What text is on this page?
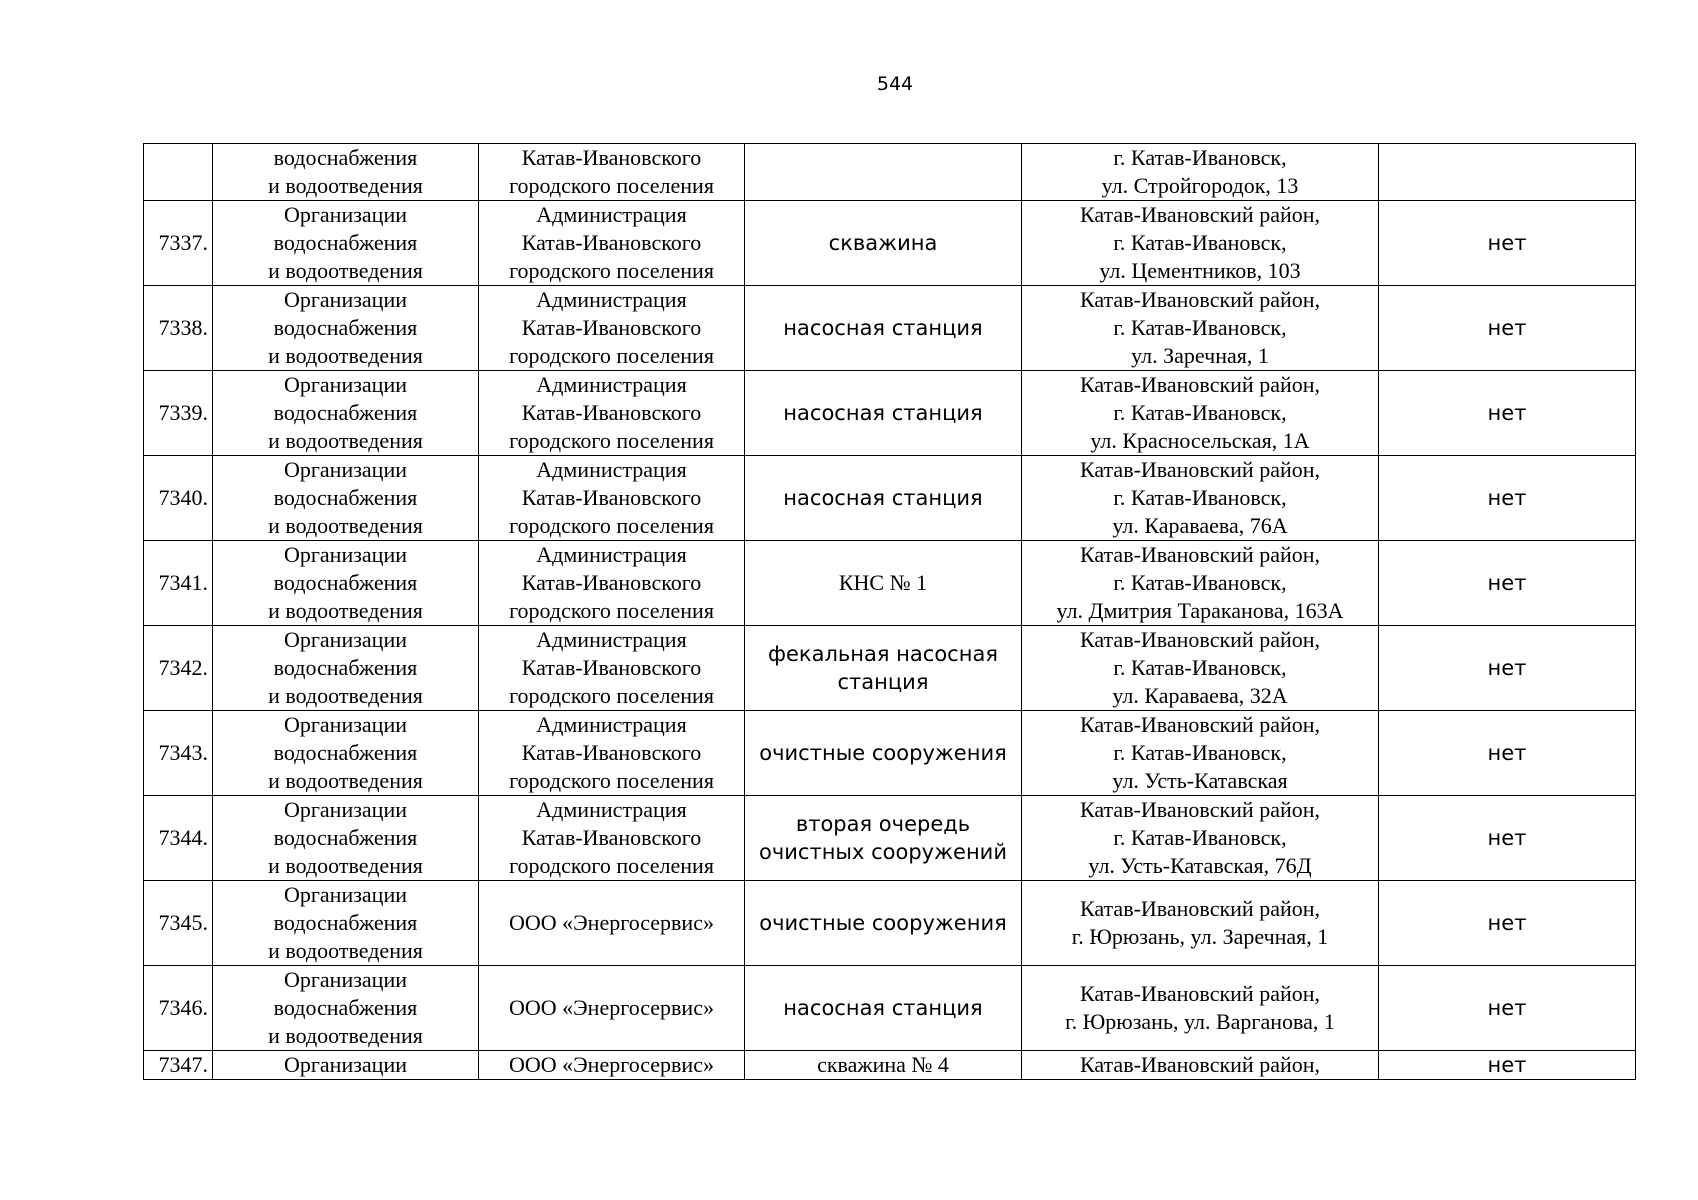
544
	водоснабжения
и водоотведения	Катав-Ивановского
городского поселения		г. Катав-Ивановск,
ул. Стройгородок, 13	
7337.	Организации
водоснабжения
и водоотведения	Администрация
Катав-Ивановского
городского поселения	скважина	Катав-Ивановский район,
г. Катав-Ивановск,
ул. Цементников, 103	нет
7338.	Организации
водоснабжения
и водоотведения	Администрация
Катав-Ивановского
городского поселения	насосная станция	Катав-Ивановский район,
г. Катав-Ивановск,
ул. Заречная, 1	нет
7339.	Организации
водоснабжения
и водоотведения	Администрация
Катав-Ивановского
городского поселения	насосная станция	Катав-Ивановский район,
г. Катав-Ивановск,
ул. Красносельская, 1А	нет
7340.	Организации
водоснабжения
и водоотведения	Администрация
Катав-Ивановского
городского поселения	насосная станция	Катав-Ивановский район,
г. Катав-Ивановск,
ул. Караваева, 76А	нет
7341.	Организации
водоснабжения
и водоотведения	Администрация
Катав-Ивановского
городского поселения	КНС № 1	Катав-Ивановский район,
г. Катав-Ивановск,
ул. Дмитрия Тараканова, 163А	нет
7342.	Организации
водоснабжения
и водоотведения	Администрация
Катав-Ивановского
городского поселения	фекальная насосная
станция	Катав-Ивановский район,
г. Катав-Ивановск,
ул. Караваева, 32А	нет
7343.	Организации
водоснабжения
и водоотведения	Администрация
Катав-Ивановского
городского поселения	очистные сооружения	Катав-Ивановский район,
г. Катав-Ивановск,
ул. Усть-Катавская	нет
7344.	Организации
водоснабжения
и водоотведения	Администрация
Катав-Ивановского
городского поселения	вторая очередь
очистных сооружений	Катав-Ивановский район,
г. Катав-Ивановск,
ул. Усть-Катавская, 76Д	нет
7345.	Организации
водоснабжения
и водоотведения	ООО «Энергосервис»	очистные сооружения	Катав-Ивановский район,
г. Юрюзань, ул. Заречная, 1	нет
7346.	Организации
водоснабжения
и водоотведения	ООО «Энергосервис»	насосная станция	Катав-Ивановский район,
г. Юрюзань, ул. Варганова, 1	нет
7347.	Организации	ООО «Энергосервис»	скважина № 4	Катав-Ивановский район,	нет
